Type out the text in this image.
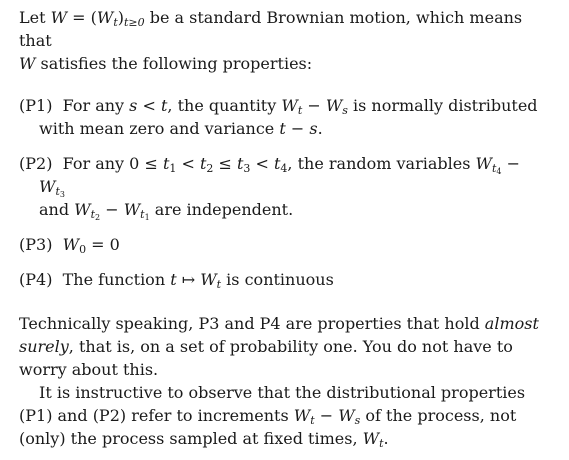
Let $W = (W_t)_{t\ge 0}$ be a standard Brownian motion, which means that
W satisfies the following properties:

(P1) For any s < t, the quantity $W_t - W_s$ is normally distributed with mean zero and variance t − s.

(P2) For any $0 \le t_1 < t_2 \le t_3 < t_4$, the random variables $W_{t_4} - W_{t_3}$
and $W_{t_2} - W_{t_1}$ are independent.

(P3) $W_0 = 0$

(P4) The function t ↦ $W_t$ is continuous

Technically speaking, P3 and P4 are properties that hold almost surely, that is, on a set of probability one. You do not have to worry about this.

It is instructive to observe that the distributional properties (P1) and (P2) refer to increments $W_t - W_s$ of the process, not (only) the process sampled at fixed times, $W_t$.
